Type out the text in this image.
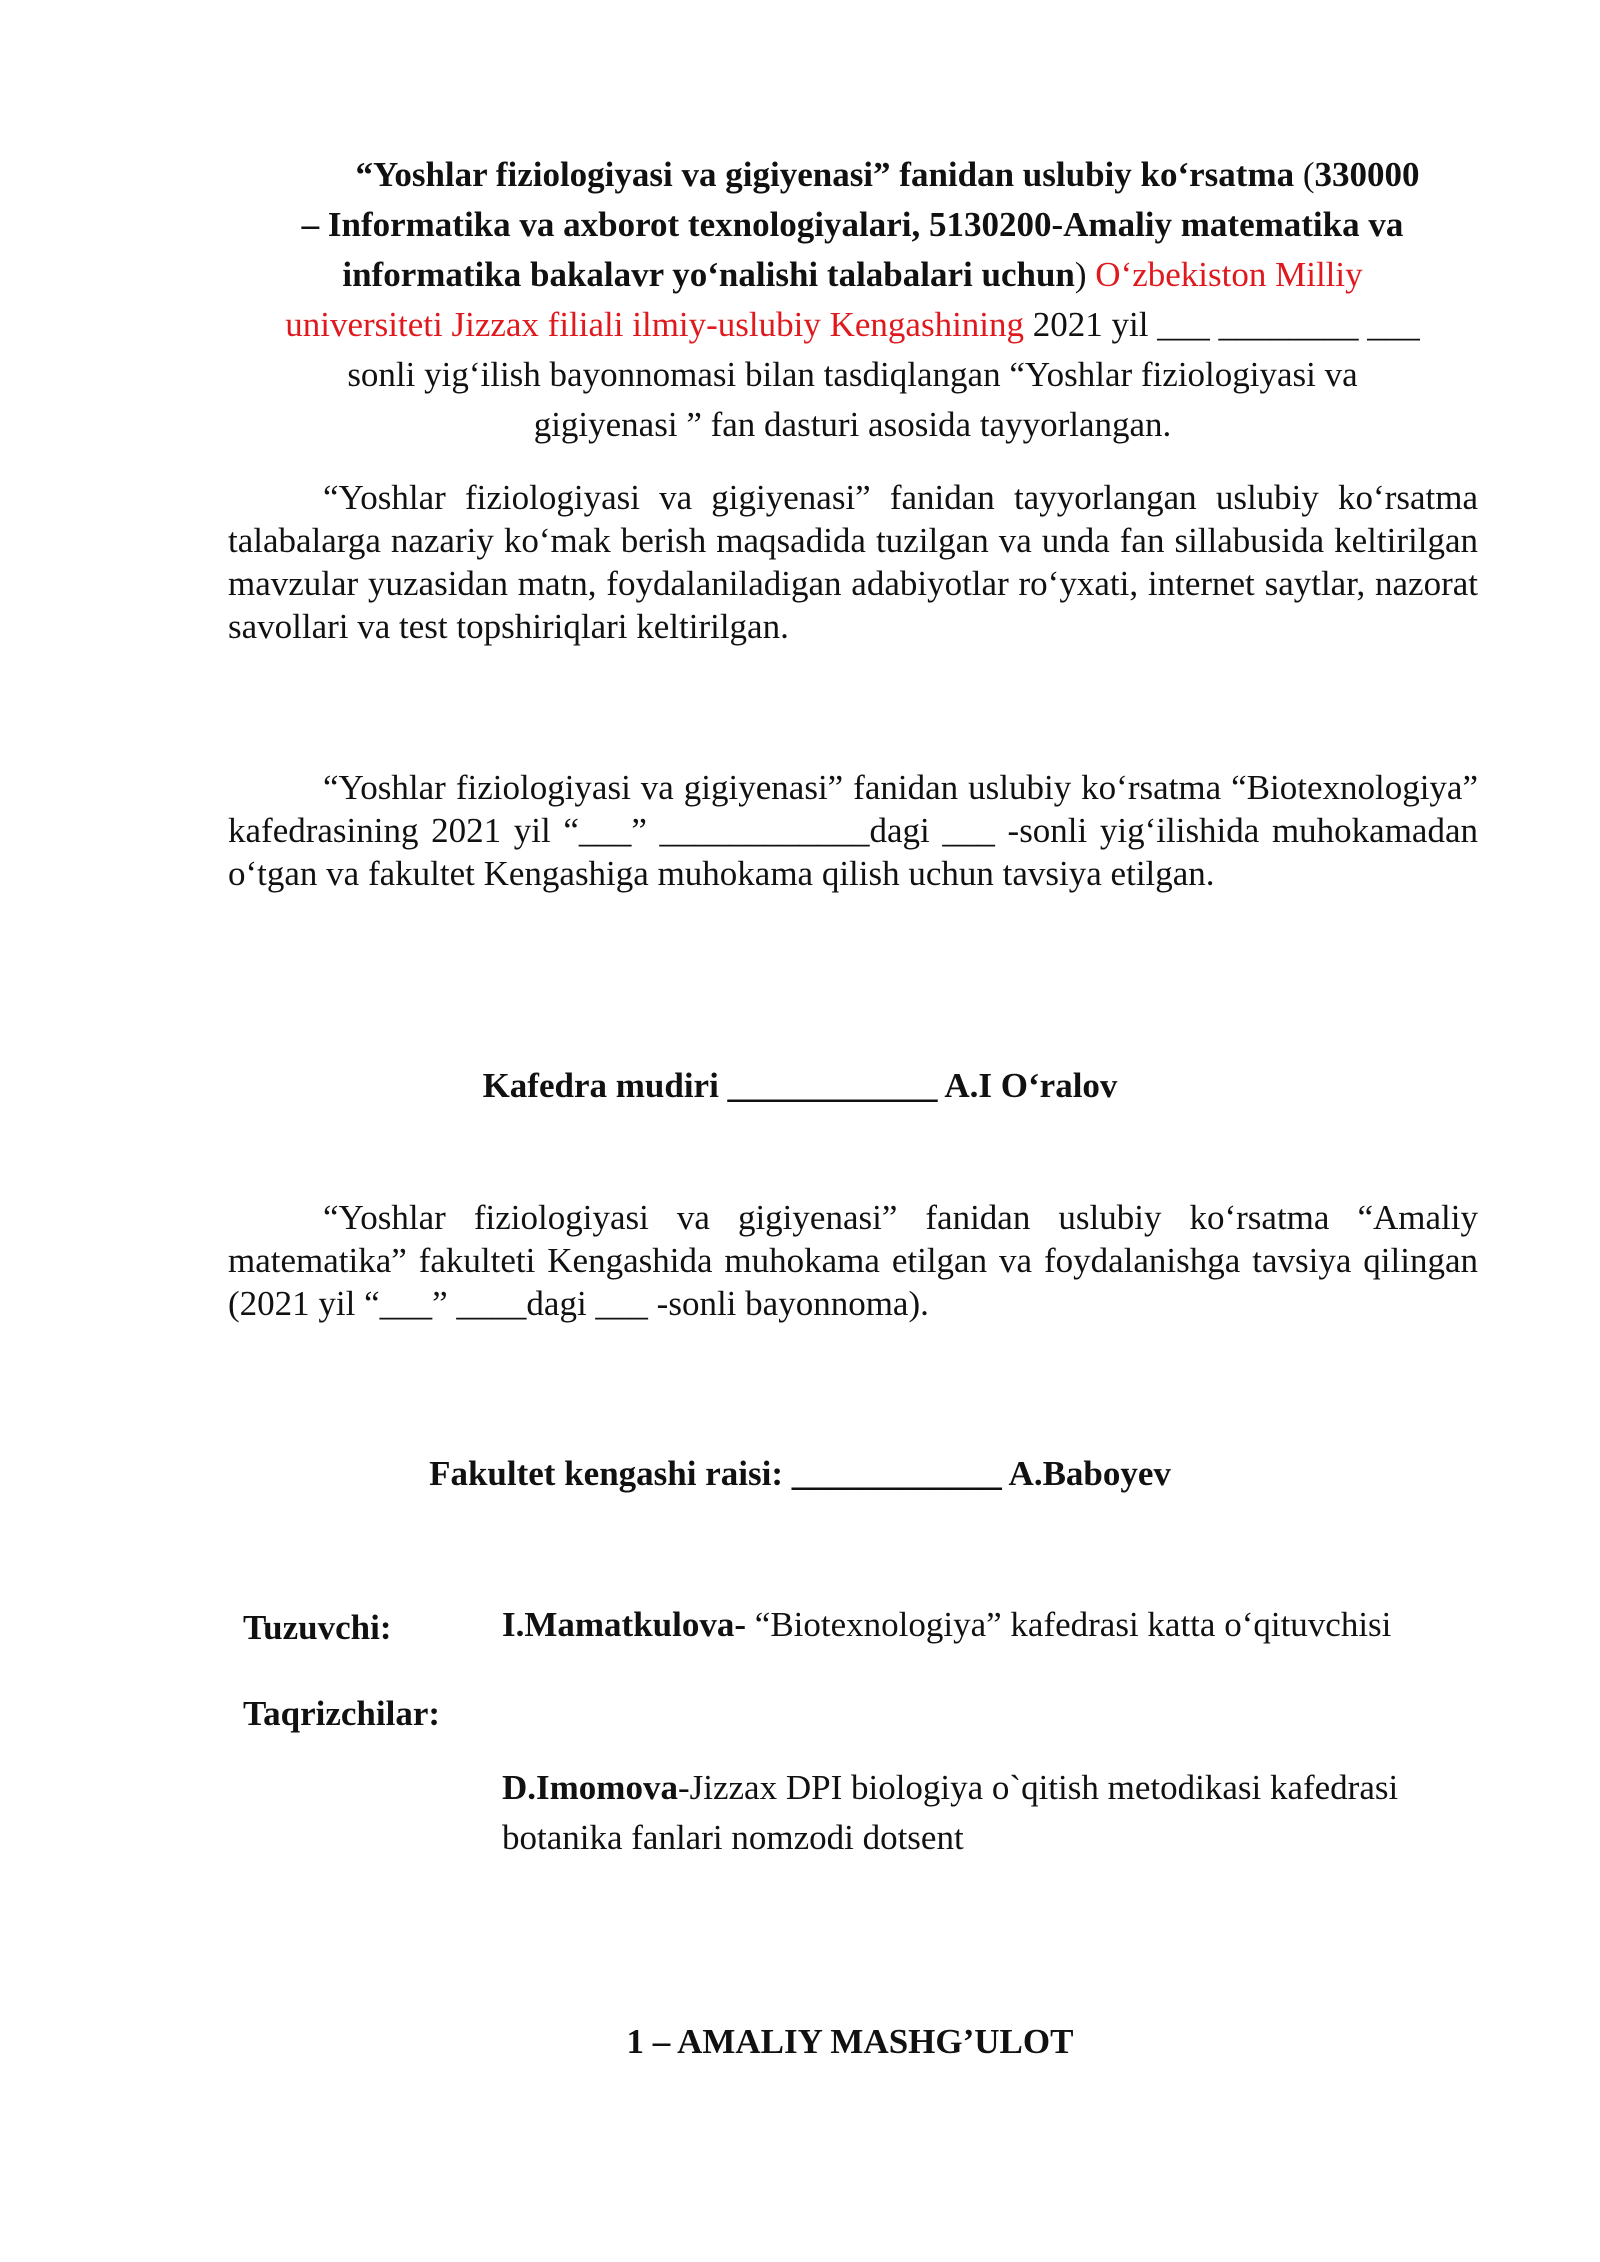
“Yoshlar fiziologiyasi va gigiyenasi” fanidan uslubiy ko‘rsatma (330000
– Informatika va axborot texnologiyalari, 5130200-Amaliy matematika va
informatika bakalavr yo‘nalishi talabalari uchun) O‘zbekiston Milliy
universiteti Jizzax filiali ilmiy-uslubiy Kengashining 2021 yil ___ ________ ___
sonli yig‘ilish bayonnomasi bilan tasdiqlangan “Yoshlar fiziologiyasi va
gigiyenasi ” fan dasturi asosida tayyorlangan.
“Yoshlar fiziologiyasi va gigiyenasi” fanidan tayyorlangan uslubiy ko‘rsatma talabalarga nazariy ko‘mak berish maqsadida tuzilgan va unda fan sillabusida keltirilgan mavzular yuzasidan matn, foydalaniladigan adabiyotlar ro‘yxati, internet saytlar, nazorat savollari va test topshiriqlari keltirilgan.
“Yoshlar fiziologiyasi va gigiyenasi” fanidan uslubiy ko‘rsatma “Biotexnologiya” kafedrasining 2021 yil “___” ____________dagi ___ -sonli yig‘ilishida muhokamadan o‘tgan va fakultet Kengashiga muhokama qilish uchun tavsiya etilgan.
Kafedra mudiri ____________ A.I O‘ralov
“Yoshlar fiziologiyasi va gigiyenasi” fanidan uslubiy ko‘rsatma “Amaliy matematika” fakulteti Kengashida muhokama etilgan va foydalanishga tavsiya qilingan (2021 yil “___” ____dagi ___ -sonli bayonnoma).
Fakultet kengashi raisi: ____________ A.Baboyev
Tuzuvchi:	I.Mamatkulova- “Biotexnologiya” kafedrasi katta o‘qituvchisi
Taqrizchilar:
D.Imomova-Jizzax DPI biologiya o`qitish metodikasi kafedrasi botanika fanlari nomzodi dotsent
1 – AMALIY MASHG’ULOT
